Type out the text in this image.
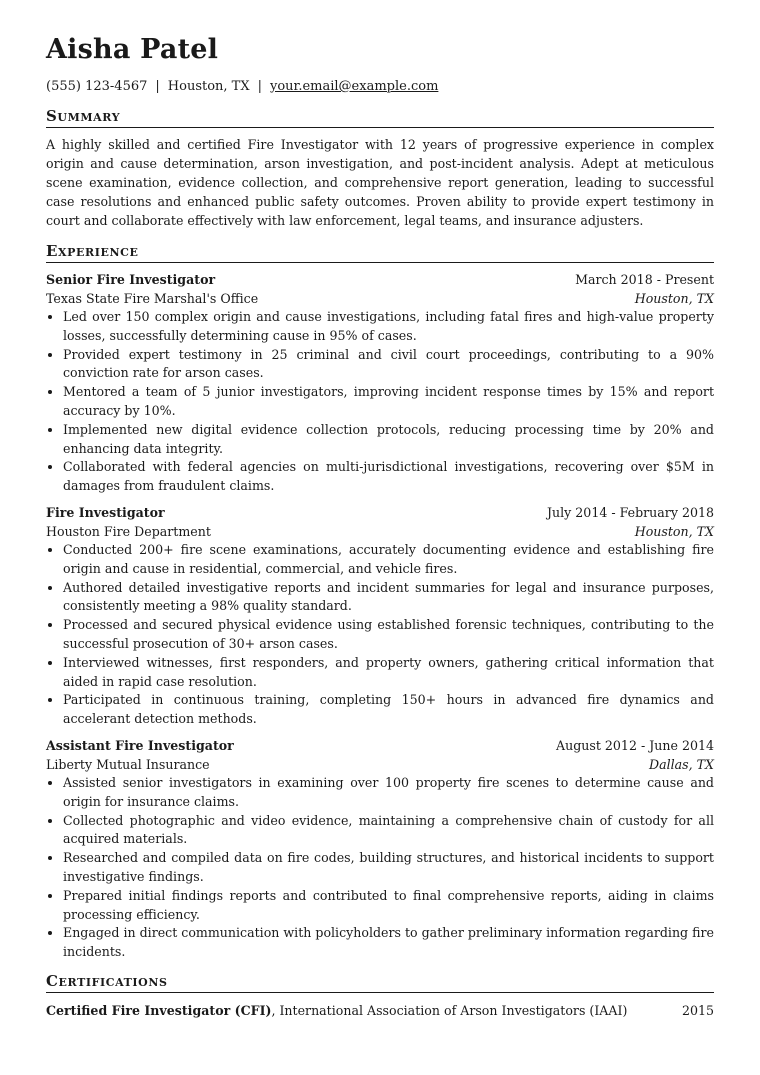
Aisha Patel
(555) 123-4567 | Houston, TX | your.email@example.com
Summary

A highly skilled and certified Fire Investigator with 12 years of progressive experience in complex origin and cause determination, arson investigation, and post-incident analysis. Adept at meticulous scene examination, evidence collection, and comprehensive report generation, leading to successful case resolutions and enhanced public safety outcomes. Proven ability to provide expert testimony in court and collaborate effectively with law enforcement, legal teams, and insurance adjusters.

Experience
Senior Fire Investigator	March 2018 - Present
Texas State Fire Marshal's Office	Houston, TX
• Led over 150 complex origin and cause investigations, including fatal fires and high-value property losses, successfully determining cause in 95% of cases.
• Provided expert testimony in 25 criminal and civil court proceedings, contributing to a 90% conviction rate for arson cases.
• Mentored a team of 5 junior investigators, improving incident response times by 15% and report accuracy by 10%.
• Implemented new digital evidence collection protocols, reducing processing time by 20% and enhancing data integrity.
• Collaborated with federal agencies on multi-jurisdictional investigations, recovering over $5M in damages from fraudulent claims.
Fire Investigator	July 2014 - February 2018
Houston Fire Department	Houston, TX
• Conducted 200+ fire scene examinations, accurately documenting evidence and establishing fire origin and cause in residential, commercial, and vehicle fires.
• Authored detailed investigative reports and incident summaries for legal and insurance purposes, consistently meeting a 98% quality standard.
• Processed and secured physical evidence using established forensic techniques, contributing to the successful prosecution of 30+ arson cases.
• Interviewed witnesses, first responders, and property owners, gathering critical information that aided in rapid case resolution.
• Participated in continuous training, completing 150+ hours in advanced fire dynamics and accelerant detection methods.
Assistant Fire Investigator	August 2012 - June 2014
Liberty Mutual Insurance	Dallas, TX
• Assisted senior investigators in examining over 100 property fire scenes to determine cause and origin for insurance claims.
• Collected photographic and video evidence, maintaining a comprehensive chain of custody for all acquired materials.
• Researched and compiled data on fire codes, building structures, and historical incidents to support investigative findings.
• Prepared initial findings reports and contributed to final comprehensive reports, aiding in claims processing efficiency.
• Engaged in direct communication with policyholders to gather preliminary information regarding fire incidents.
Certifications
Certified Fire Investigator (CFI), International Association of Arson Investigators (IAAI)	2015
